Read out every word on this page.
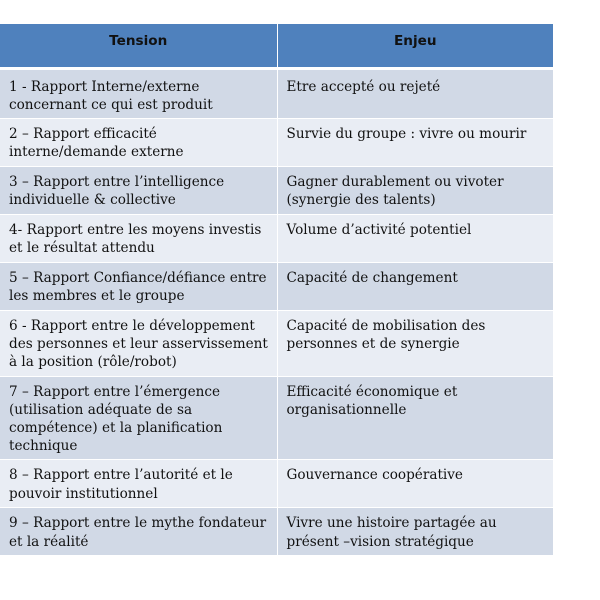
Tension	Enjeu
1 - Rapport Interne/externe concernant ce qui est produit	Etre accepté ou rejeté
2 – Rapport efficacité interne/demande externe	Survie du groupe : vivre ou mourir
3 – Rapport entre l’intelligence individuelle & collective	Gagner durablement ou vivoter (synergie des talents)
4- Rapport entre les moyens investis et le résultat attendu	Volume d’activité potentiel
5 – Rapport Confiance/défiance entre les membres et le groupe	Capacité de changement
6 - Rapport entre le développement des personnes et leur asservissement à la position (rôle/robot)	Capacité de mobilisation des personnes et de synergie
7 – Rapport entre l’émergence (utilisation adéquate de sa compétence) et la planification technique	Efficacité économique et organisationnelle
8 – Rapport entre l’autorité et le pouvoir institutionnel	Gouvernance coopérative
9 – Rapport entre le mythe fondateur et la réalité	Vivre une histoire partagée au présent –vision stratégique
